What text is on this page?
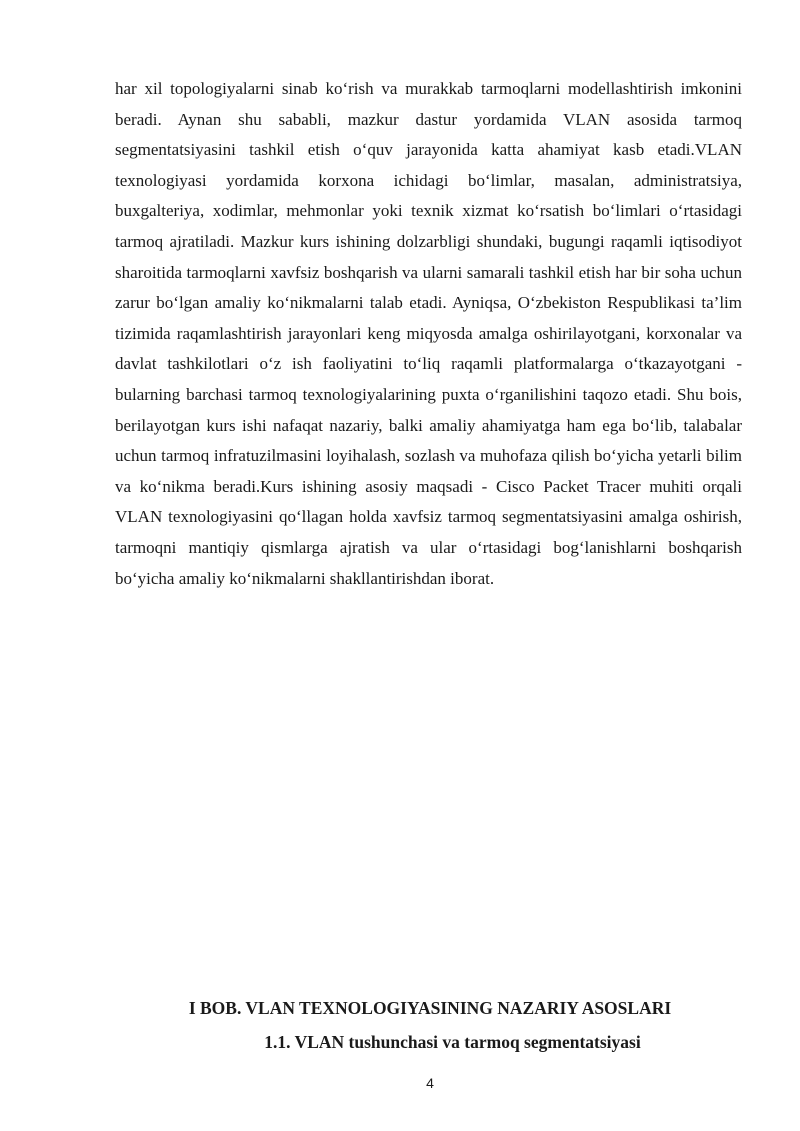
har xil topologiyalarni sinab ko‘rish va murakkab tarmoqlarni modellashtirish imkonini beradi. Aynan shu sababli, mazkur dastur yordamida VLAN asosida tarmoq segmentatsiyasini tashkil etish o‘quv jarayonida katta ahamiyat kasb etadi.VLAN texnologiyasi yordamida korxona ichidagi bo‘limlar, masalan, administratsiya, buxgalteriya, xodimlar, mehmonlar yoki texnik xizmat ko‘rsatish bo‘limlari o‘rtasidagi tarmoq ajratiladi. Mazkur kurs ishining dolzarbligi shundaki, bugungi raqamli iqtisodiyot sharoitida tarmoqlarni xavfsiz boshqarish va ularni samarali tashkil etish har bir soha uchun zarur bo‘lgan amaliy ko‘nikmalarni talab etadi. Ayniqsa, O‘zbekiston Respublikasi ta’lim tizimida raqamlashtirish jarayonlari keng miqyosda amalga oshirilayotgani, korxonalar va davlat tashkilotlari o‘z ish faoliyatini to‘liq raqamli platformalarga o‘tkazayotgani - bularning barchasi tarmoq texnologiyalarining puxta o‘rganilishini taqozo etadi. Shu bois, berilayotgan kurs ishi nafaqat nazariy, balki amaliy ahamiyatga ham ega bo‘lib, talabalar uchun tarmoq infratuzilmasini loyihalash, sozlash va muhofaza qilish bo‘yicha yetarli bilim va ko‘nikma beradi.Kurs ishining asosiy maqsadi - Cisco Packet Tracer muhiti orqali VLAN texnologiyasini qo‘llagan holda xavfsiz tarmoq segmentatsiyasini amalga oshirish, tarmoqni mantiqiy qismlarga ajratish va ular o‘rtasidagi bog‘lanishlarni boshqarish bo‘yicha amaliy ko‘nikmalarni shakllantirishdan iborat.

I BOB. VLAN TEXNOLOGIYASINING NAZARIY ASOSLARI
1.1. VLAN tushunchasi va tarmoq segmentatsiyasi
4
